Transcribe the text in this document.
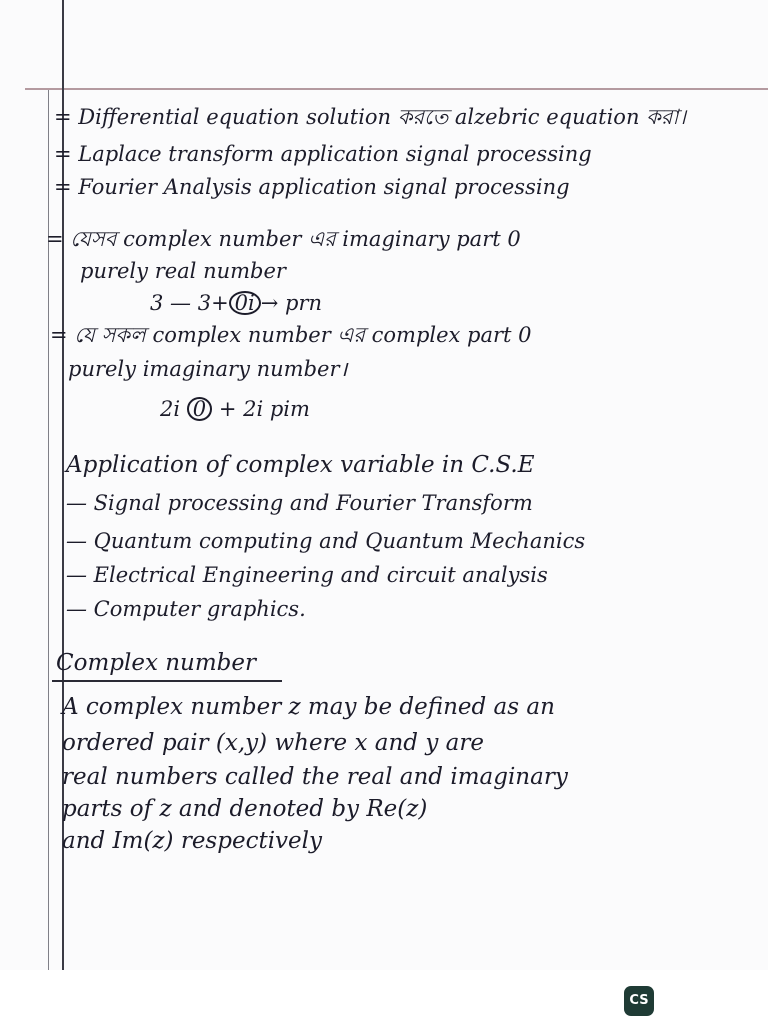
= Differential equation solution করতে alzebric equation করা।
= Laplace transform application signal processing
= Fourier Analysis application signal processing
= যেসব complex number এর imaginary part 0
purely real number
3 — 3+ 0i → prn
= যে সকল complex number এর complex part 0
purely imaginary number।
2i 0 + 2i pim
Application of complex variable in C.S.E
— Signal processing and Fourier Transform
— Quantum computing and Quantum Mechanics
— Electrical Engineering and circuit analysis
— Computer graphics.
Complex number
A complex number z may be defined as an
ordered pair (x,y) where x and y are
real numbers called the real and imaginary
parts of z and denoted by Re(z)
and Im(z) respectively
CS
